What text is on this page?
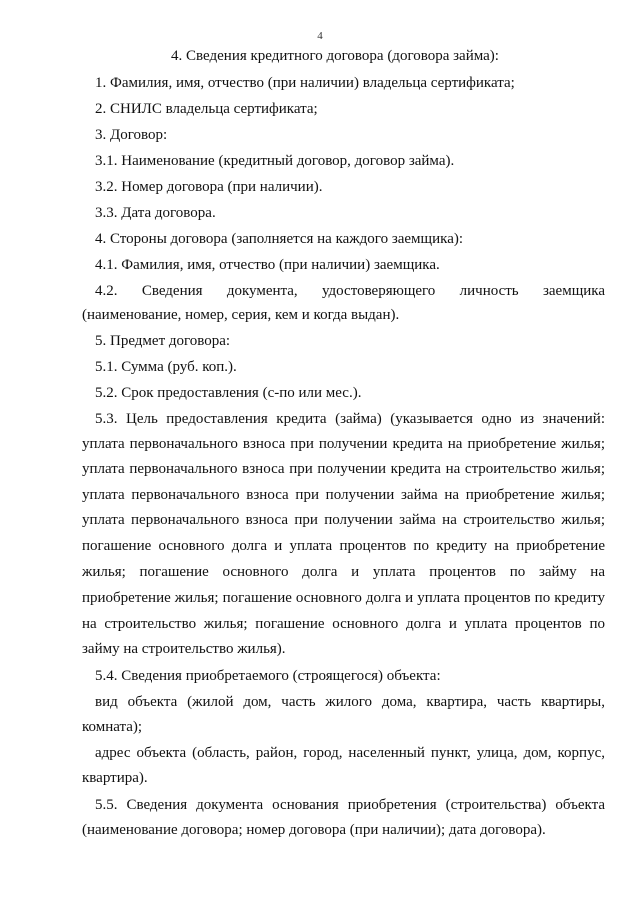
4
4. Сведения кредитного договора (договора займа):
1. Фамилия, имя, отчество (при наличии) владельца сертификата;
2. СНИЛС владельца сертификата;
3. Договор:
3.1. Наименование (кредитный договор, договор займа).
3.2. Номер договора (при наличии).
3.3. Дата договора.
4. Стороны договора (заполняется на каждого заемщика):
4.1. Фамилия, имя, отчество (при наличии) заемщика.
4.2. Сведения документа, удостоверяющего личность заемщика
(наименование, номер, серия, кем и когда выдан).
5. Предмет договора:
5.1. Сумма (руб. коп.).
5.2. Срок предоставления (с-по или мес.).
5.3. Цель предоставления кредита (займа) (указывается одно из значений:
уплата первоначального взноса при получении кредита на приобретение жилья;
уплата первоначального взноса при получении кредита на строительство жилья;
уплата первоначального взноса при получении займа на приобретение жилья;
уплата первоначального взноса при получении займа на строительство жилья;
погашение основного долга и уплата процентов по кредиту на приобретение
жилья; погашение основного долга и уплата процентов по займу на
приобретение жилья; погашение основного долга и уплата процентов по кредиту
на строительство жилья; погашение основного долга и уплата процентов по
займу на строительство жилья).
5.4. Сведения приобретаемого (строящегося) объекта:
вид объекта (жилой дом, часть жилого дома, квартира, часть квартиры,
комната);
адрес объекта (область, район, город, населенный пункт, улица, дом, корпус,
квартира).
5.5. Сведения документа основания приобретения (строительства) объекта
(наименование договора; номер договора (при наличии); дата договора).
